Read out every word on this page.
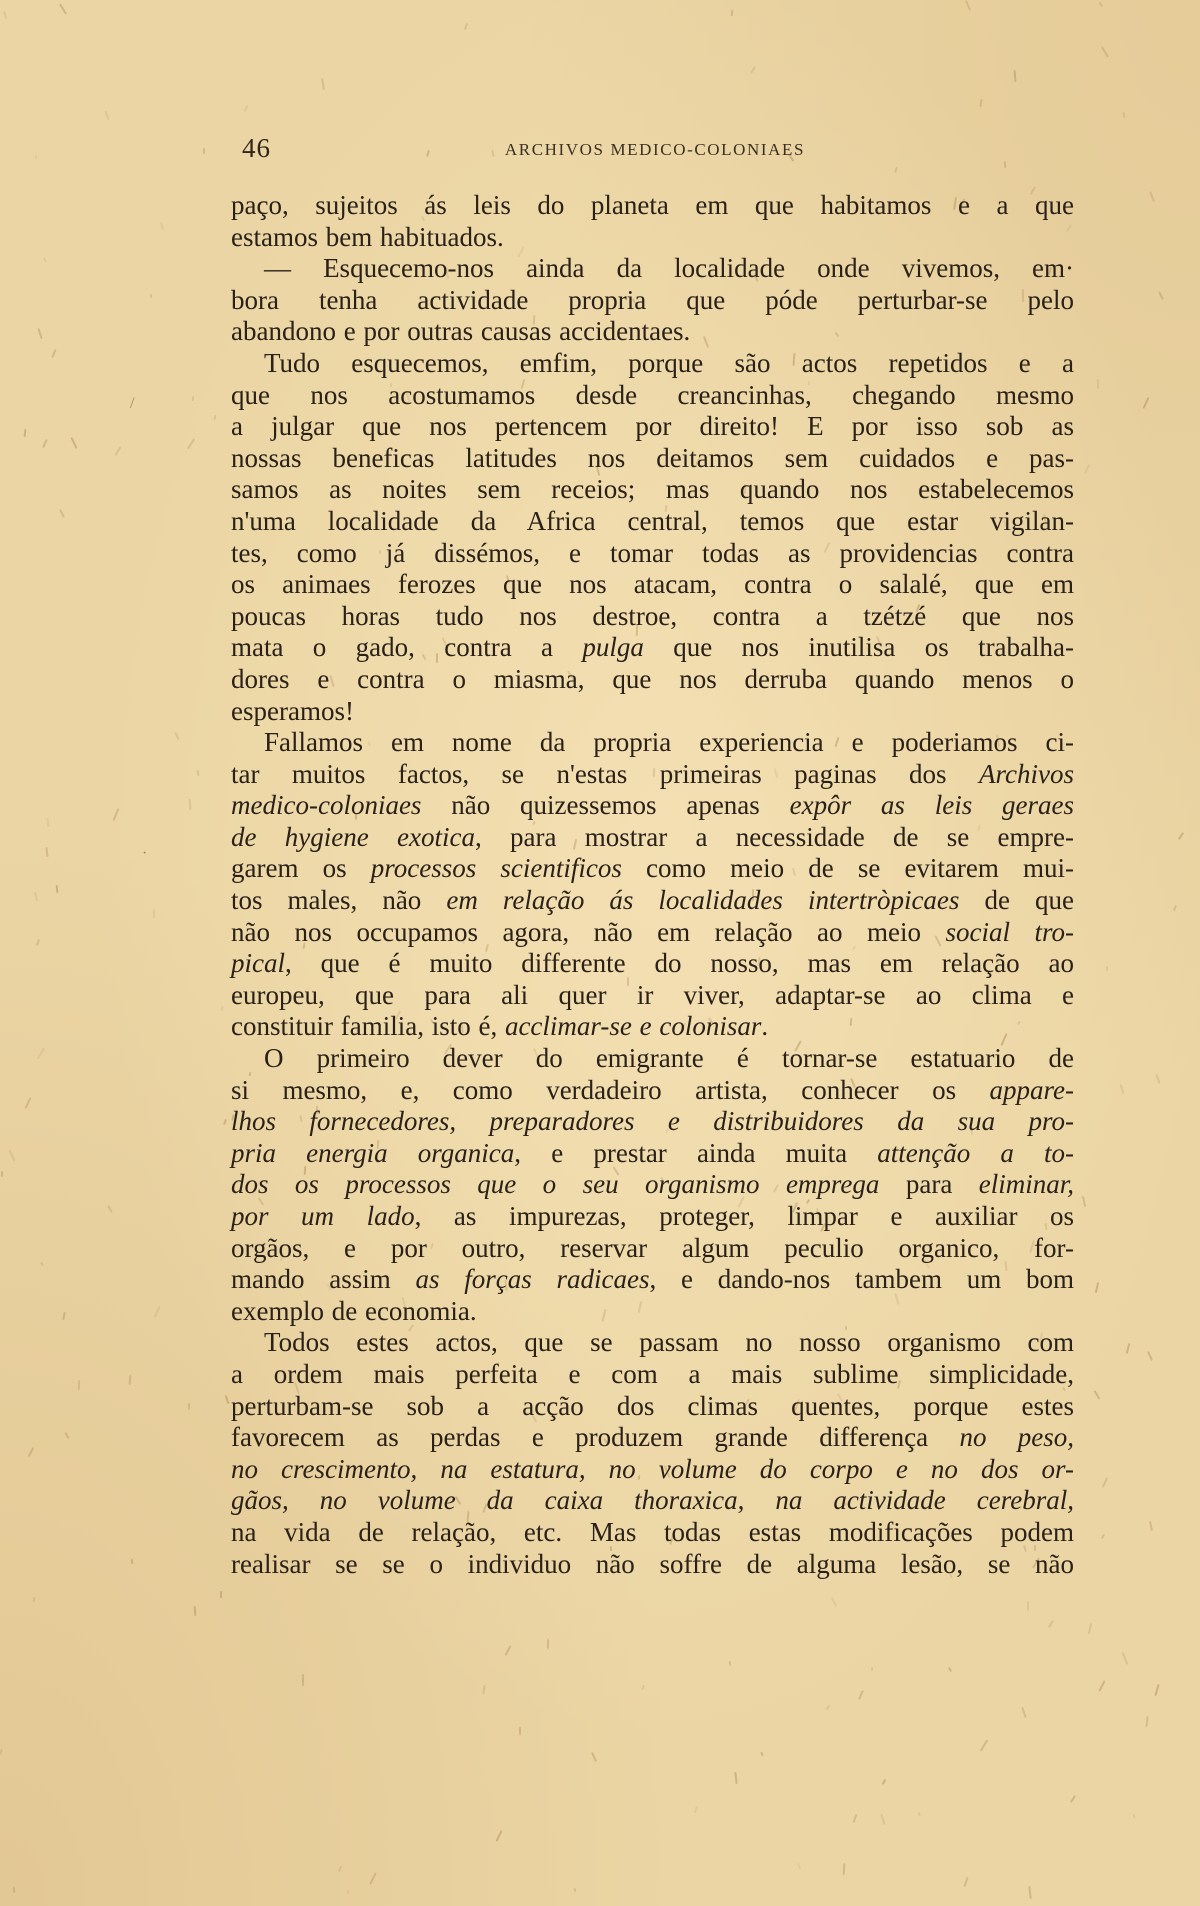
46	ARCHIVOS MEDICO-COLONIAES
paço, sujeitos ás leis do planeta em que habitamos e a que
estamos bem habituados.
— Esquecemo-nos ainda da localidade onde vivemos, em·
bora tenha actividade propria que póde perturbar-se pelo
abandono e por outras causas accidentaes.
Tudo esquecemos, emfim, porque são actos repetidos e a
que nos acostumamos desde creancinhas, chegando mesmo
a julgar que nos pertencem por direito! E por isso sob as
nossas beneficas latitudes nos deitamos sem cuidados e pas-
samos as noites sem receios; mas quando nos estabelecemos
n'uma localidade da Africa central, temos que estar vigilan-
tes, como já dissémos, e tomar todas as providencias contra
os animaes ferozes que nos atacam, contra o salalé, que em
poucas horas tudo nos destroe, contra a tzétzé que nos
mata o gado, contra a pulga que nos inutilisa os trabalha-
dores e contra o miasma, que nos derruba quando menos o
esperamos!
Fallamos em nome da propria experiencia e poderiamos ci-
tar muitos factos, se n'estas primeiras paginas dos Archivos
medico-coloniaes não quizessemos apenas expôr as leis geraes
de hygiene exotica, para mostrar a necessidade de se empre-
garem os processos scientificos como meio de se evitarem mui-
tos males, não em relação ás localidades intertròpicaes de que
não nos occupamos agora, não em relação ao meio social tro-
pical, que é muito differente do nosso, mas em relação ao
europeu, que para ali quer ir viver, adaptar-se ao clima e
constituir familia, isto é, acclimar-se e colonisar.
O primeiro dever do emigrante é tornar-se estatuario de
si mesmo, e, como verdadeiro artista, conhecer os appare-
lhos fornecedores, preparadores e distribuidores da sua pro-
pria energia organica, e prestar ainda muita attenção a to-
dos os processos que o seu organismo emprega para eliminar,
por um lado, as impurezas, proteger, limpar e auxiliar os
orgãos, e por outro, reservar algum peculio organico, for-
mando assim as forças radicaes, e dando-nos tambem um bom
exemplo de economia.
Todos estes actos, que se passam no nosso organismo com
a ordem mais perfeita e com a mais sublime simplicidade,
perturbam-se sob a acção dos climas quentes, porque estes
favorecem as perdas e produzem grande differença no peso,
no crescimento, na estatura, no volume do corpo e no dos or-
gãos, no volume da caixa thoraxica, na actividade cerebral,
na vida de relação, etc. Mas todas estas modificações podem
realisar se se o individuo não soffre de alguma lesão, se não
/
·
